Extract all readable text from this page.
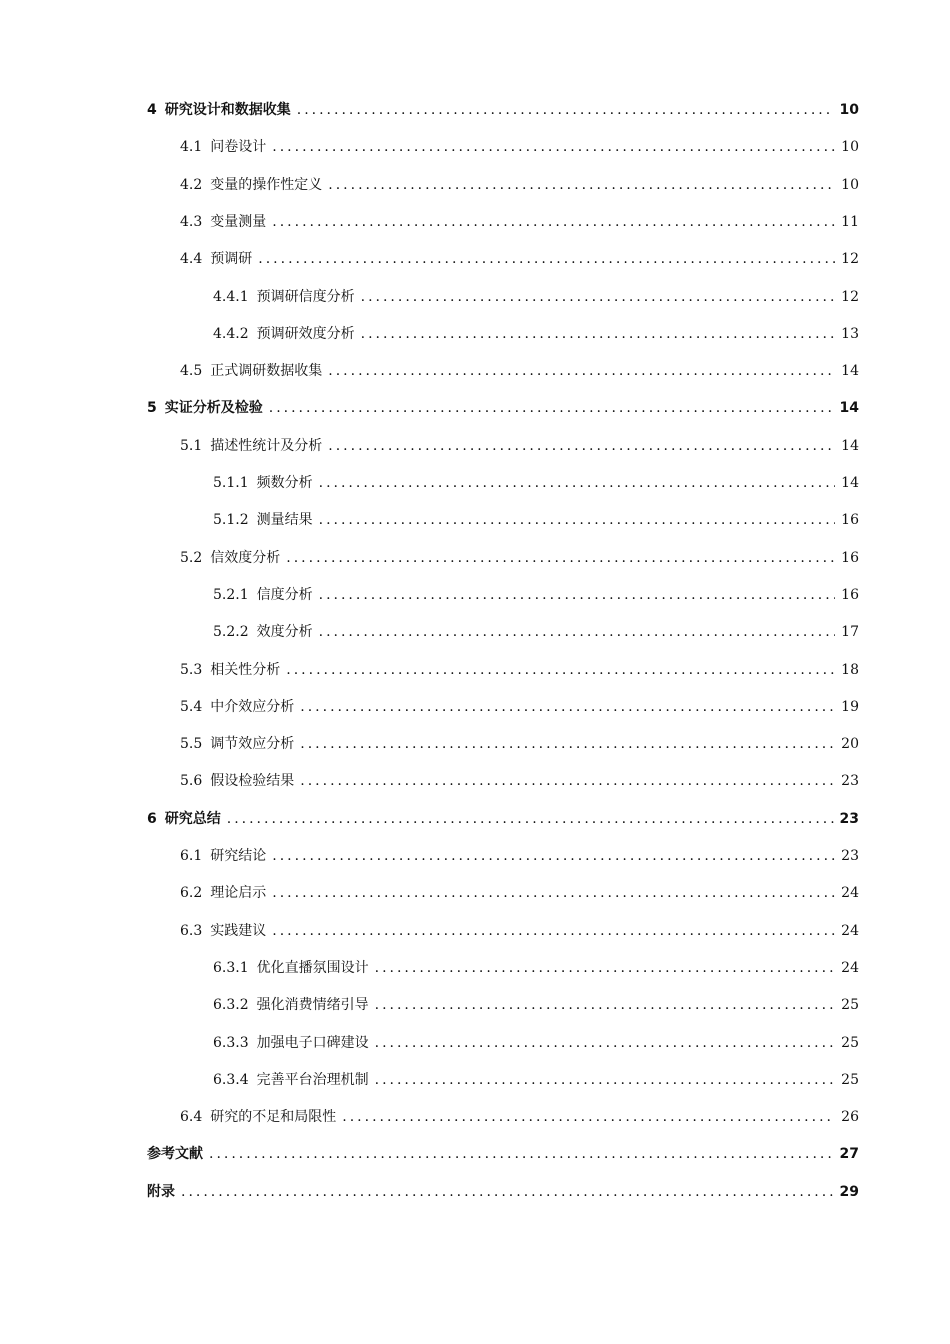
4 研究设计和数据收集 .....	10
4.1 问卷设计 .....	10
4.2 变量的操作性定义 .....	10
4.3 变量测量 .....	11
4.4 预调研 .....	12
4.4.1 预调研信度分析 .....	12
4.4.2 预调研效度分析 .....	13
4.5 正式调研数据收集 .....	14
5 实证分析及检验 .....	14
5.1 描述性统计及分析 .....	14
5.1.1 频数分析 .....	14
5.1.2 测量结果 .....	16
5.2 信效度分析 .....	16
5.2.1 信度分析 .....	16
5.2.2 效度分析 .....	17
5.3 相关性分析 .....	18
5.4 中介效应分析 .....	19
5.5 调节效应分析 .....	20
5.6 假设检验结果 .....	23
6 研究总结 .....	23
6.1 研究结论 .....	23
6.2 理论启示 .....	24
6.3 实践建议 .....	24
6.3.1 优化直播氛围设计 .....	24
6.3.2 强化消费情绪引导 .....	25
6.3.3 加强电子口碑建设 .....	25
6.3.4 完善平台治理机制 .....	25
6.4 研究的不足和局限性 .....	26
参考文献 .....	27
附录 .....	29
